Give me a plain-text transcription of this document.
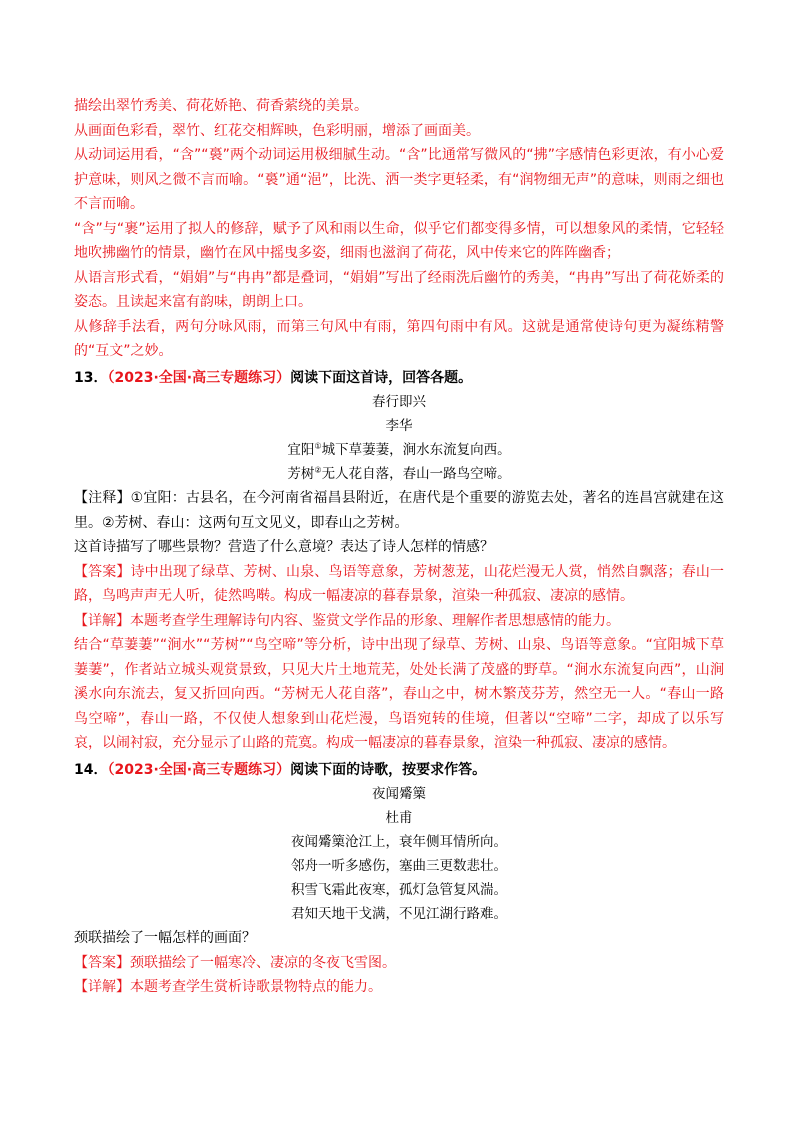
描绘出翠竹秀美、荷花娇艳、荷香萦绕的美景。

从画面色彩看，翠竹、红花交相辉映，色彩明丽，增添了画面美。

从动词运用看，“含”“裛”两个动词运用极细腻生动。“含”比通常写微风的“拂”字感情色彩更浓，有小心爱护意味，则风之微不言而喻。“裛”通“浥”，比洗、洒一类字更轻柔，有“润物细无声”的意味，则雨之细也不言而喻。

“含”与“裹”运用了拟人的修辞，赋予了风和雨以生命，似乎它们都变得多情，可以想象风的柔情，它轻轻地吹拂幽竹的情景，幽竹在风中摇曳多姿，细雨也滋润了荷花，风中传来它的阵阵幽香；

从语言形式看，“娟娟”与“冉冉”都是叠词，“娟娟”写出了经雨洗后幽竹的秀美，“冉冉”写出了荷花娇柔的姿态。且读起来富有韵味，朗朗上口。

从修辞手法看，两句分咏风雨，而第三句风中有雨，第四句雨中有风。这就是通常使诗句更为凝练精警的“互文”之妙。

13．（2023·全国·高三专题练习）阅读下面这首诗，回答各题。

春行即兴

李华

宜阳①城下草萋萋，涧水东流复向西。

芳树②无人花自落，春山一路鸟空啼。

【注释】①宜阳：古县名，在今河南省福昌县附近，在唐代是个重要的游览去处，著名的连昌宫就建在这里。②芳树、春山：这两句互文见义，即春山之芳树。

这首诗描写了哪些景物？营造了什么意境？表达了诗人怎样的情感？

【答案】诗中出现了绿草、芳树、山泉、鸟语等意象，芳树葱茏，山花烂漫无人赏，悄然自飘落；春山一路，鸟鸣声声无人听，徒然鸣啭。构成一幅凄凉的暮春景象，渲染一种孤寂、凄凉的感情。

【详解】本题考查学生理解诗句内容、鉴赏文学作品的形象、理解作者思想感情的能力。

结合“草萋萋”“涧水”“芳树”“鸟空啼”等分析，诗中出现了绿草、芳树、山泉、鸟语等意象。“宜阳城下草萋萋”，作者站立城头观赏景致，只见大片土地荒芜，处处长满了茂盛的野草。“涧水东流复向西”，山涧溪水向东流去，复又折回向西。“芳树无人花自落”，春山之中，树木繁茂芬芳，然空无一人。“春山一路鸟空啼”，春山一路，不仅使人想象到山花烂漫，鸟语宛转的佳境，但著以“空啼”二字，却成了以乐写哀，以闹衬寂，充分显示了山路的荒寞。构成一幅凄凉的暮春景象，渲染一种孤寂、凄凉的感情。

14．（2023·全国·高三专题练习）阅读下面的诗歌，按要求作答。

夜闻觱篥

杜甫

夜闻觱篥沧江上，衰年侧耳情所向。

邻舟一听多感伤，塞曲三更数悲壮。

积雪飞霜此夜寒，孤灯急管复风湍。

君知天地干戈满，不见江湖行路难。

颈联描绘了一幅怎样的画面？

【答案】颈联描绘了一幅寒冷、凄凉的冬夜飞雪图。

【详解】本题考查学生赏析诗歌景物特点的能力。
